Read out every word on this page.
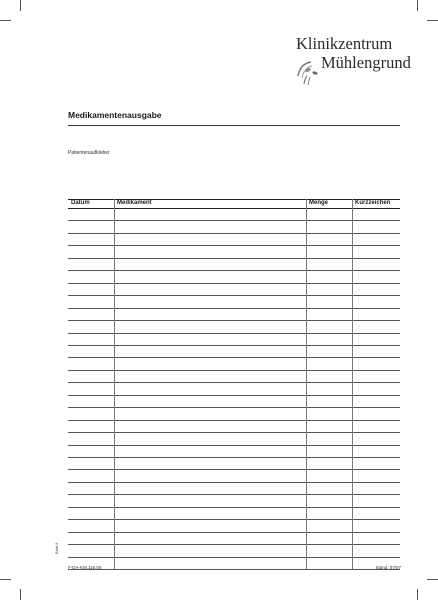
Klinikzentrum
Mühlengrund
Medikamentenausgabe
Patientenaufkleber
Datum	Medikament	Menge	Kurzzeichen
Blatt 9
F-DA-KM.116.00	Stand: 07/07
